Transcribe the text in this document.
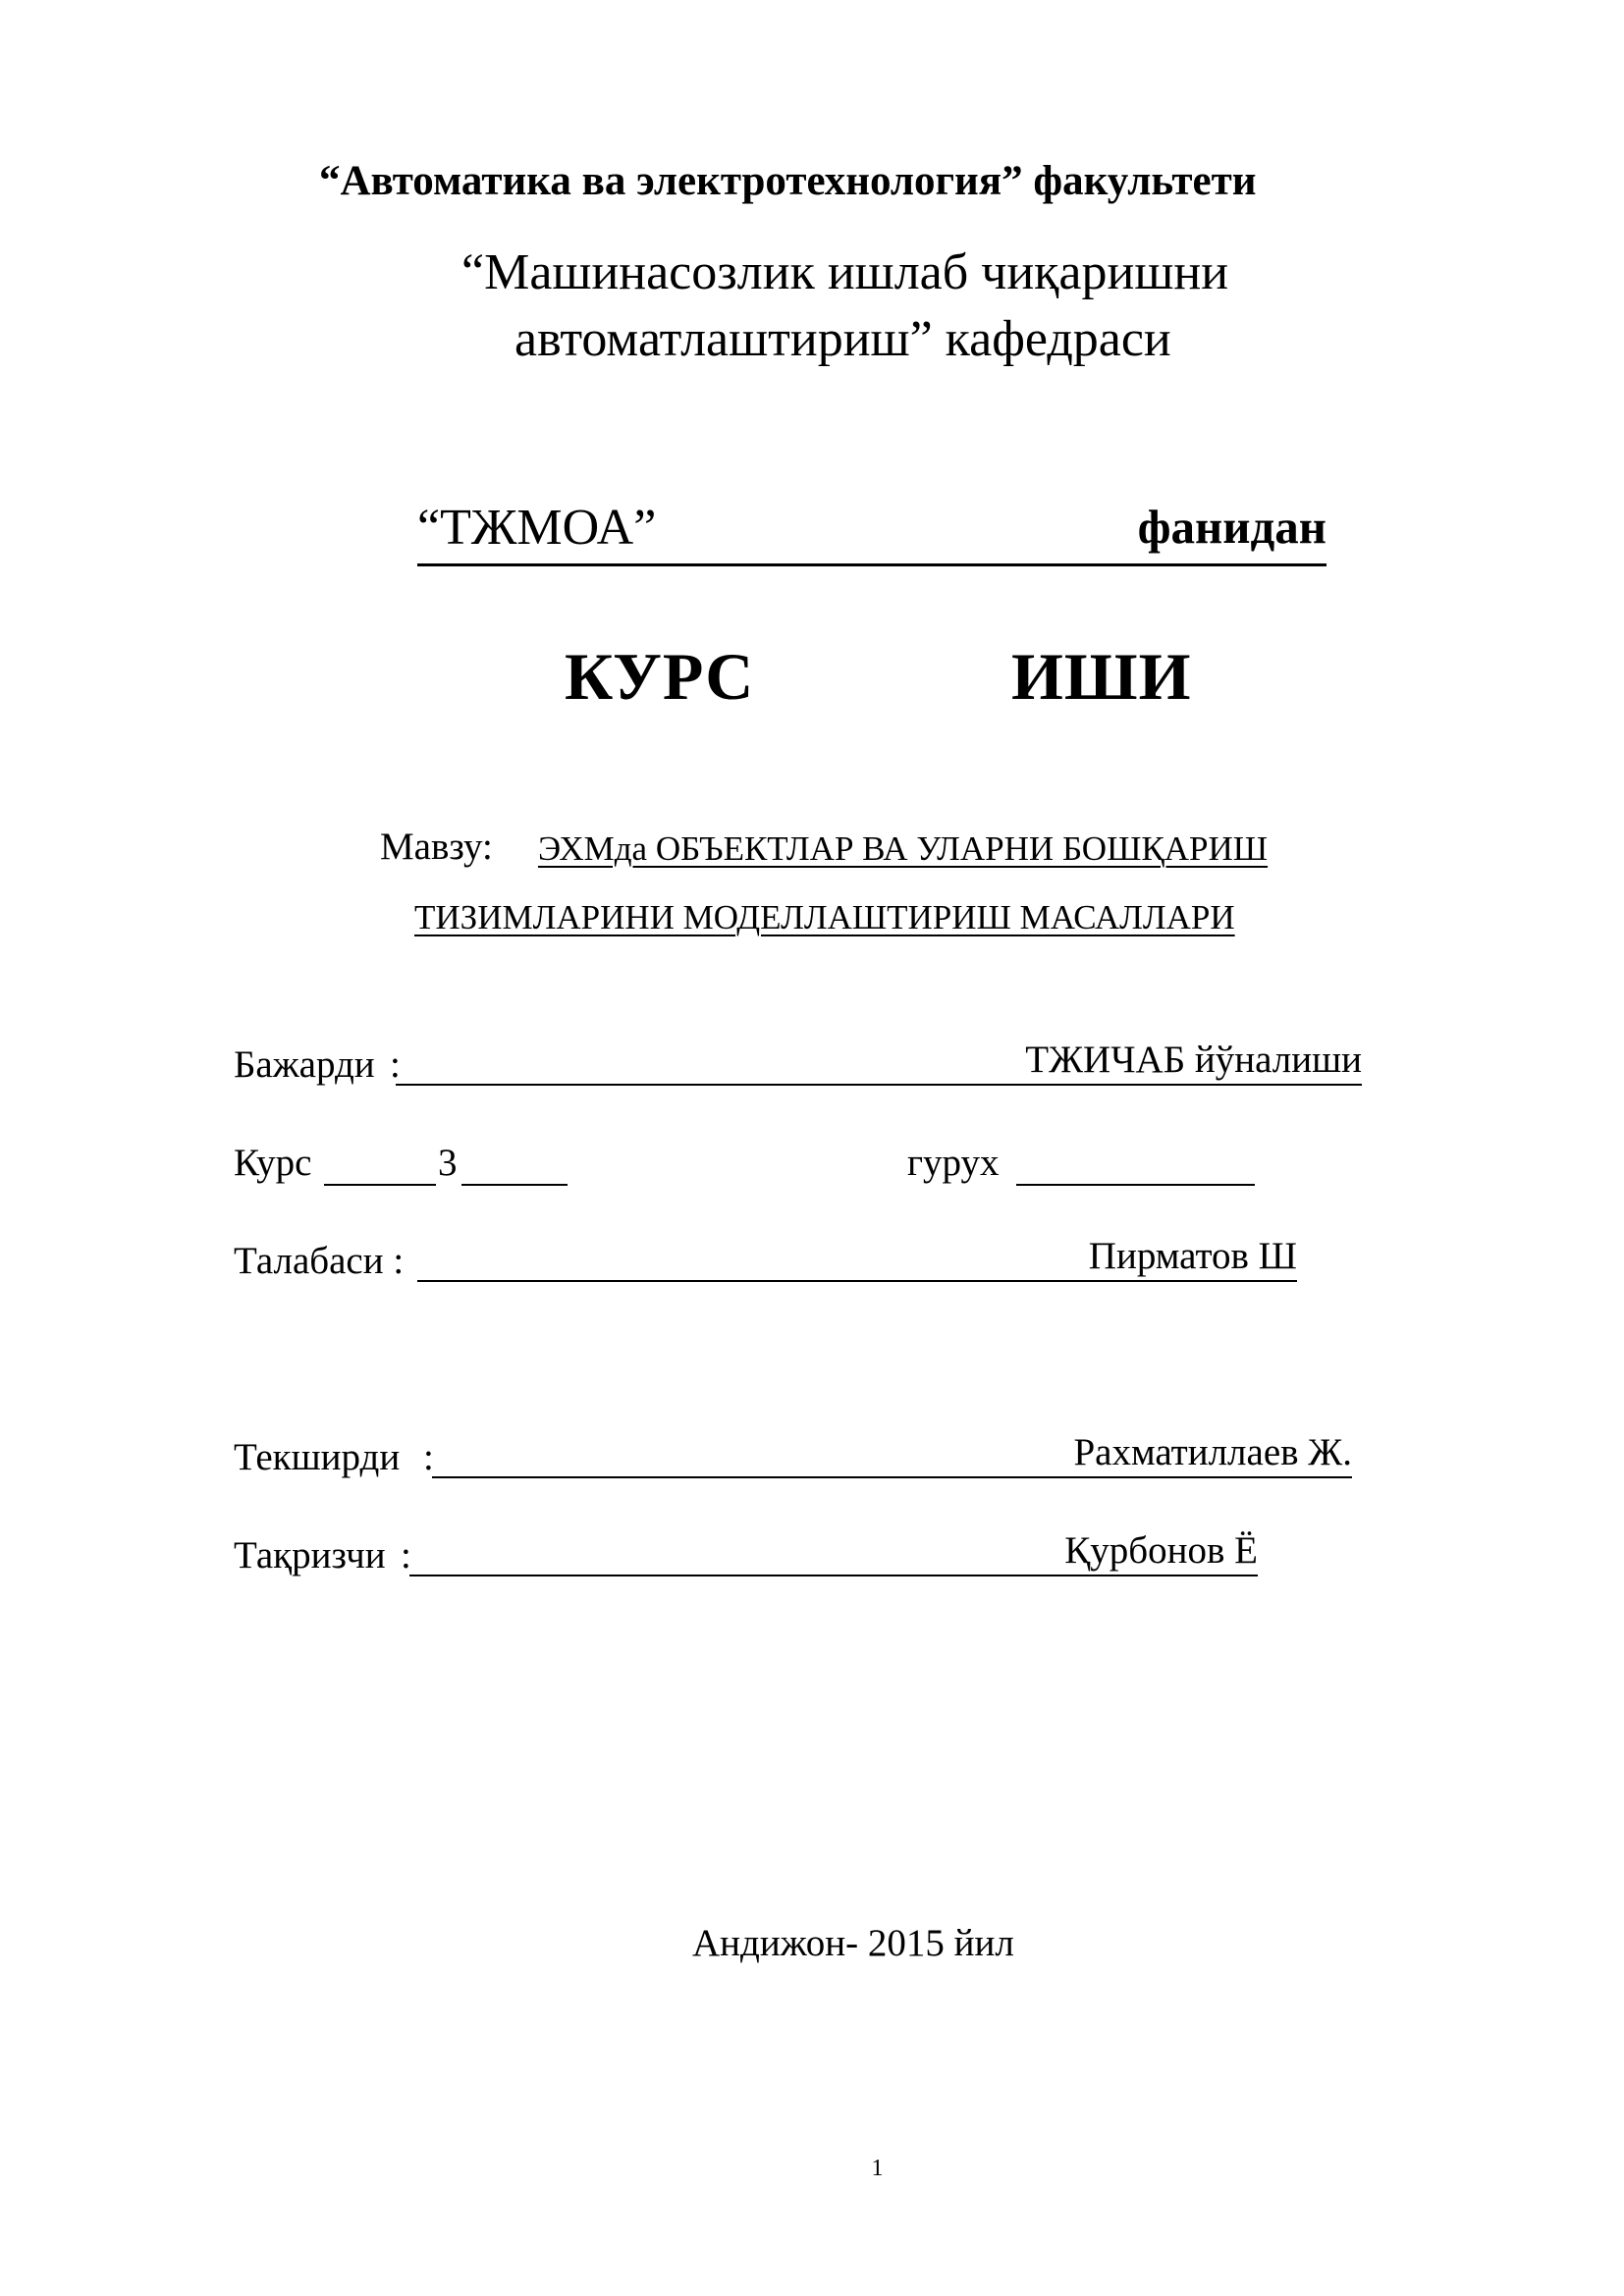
“Автоматика ва электротехнология” факультети
“Машинасозлик ишлаб чиқаришни
автоматлаштириш” кафедраси
“ТЖМОА”	фанидан
КУРС	ИШИ
Мавзу: ЭХМда ОБЪЕКТЛАР ВА УЛАРНИ БОШҚАРИШ
ТИЗИМЛАРИНИ МОДЕЛЛАШТИРИШ МАСАЛЛАРИ
Бажарди	ТЖИЧАБ йўналиши
:
Курс	3	гурух
Талабаси :	Пирматов Ш
Текширди :	Рахматиллаев Ж.
Тақризчи :	Қурбонов Ё
Андижон- 2015 йил
1
